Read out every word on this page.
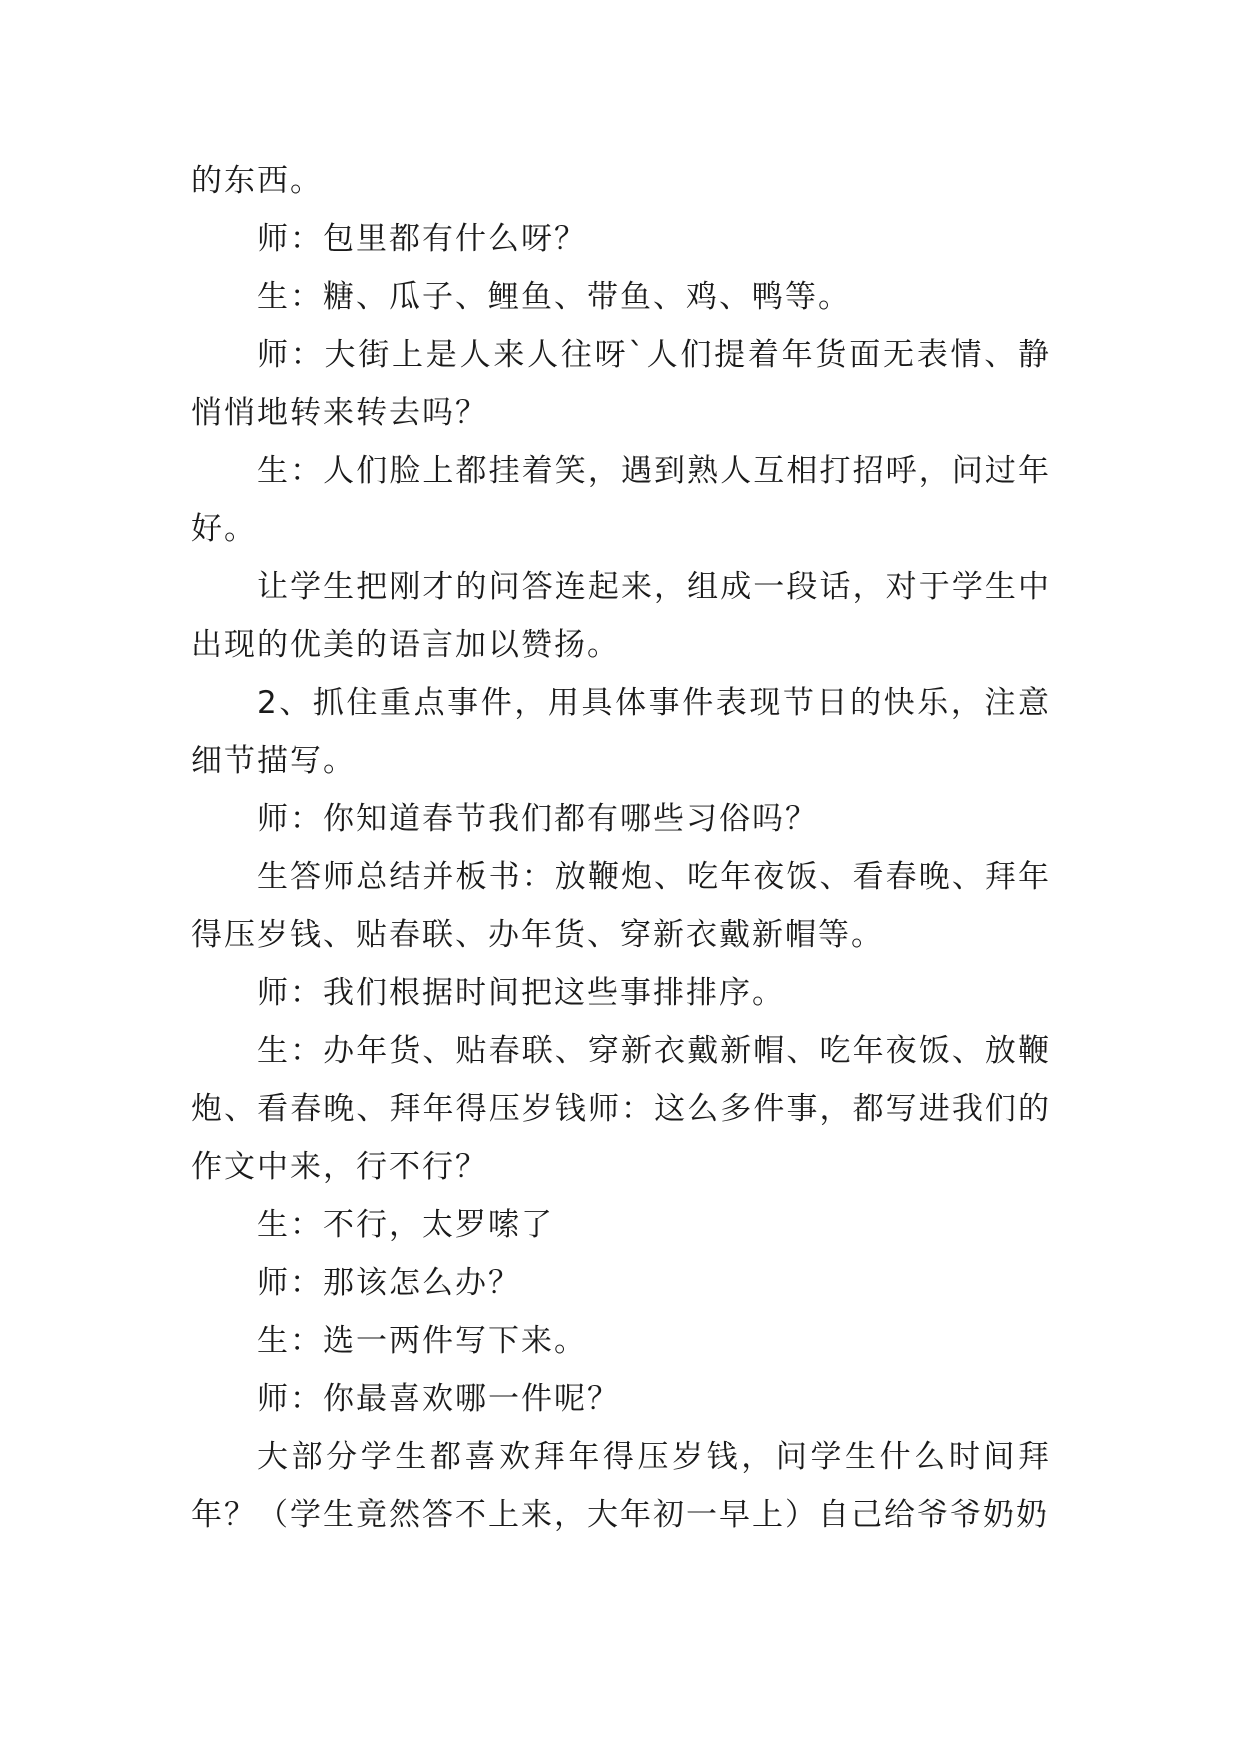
的东西。

师：包里都有什么呀？

生：糖、瓜子、鲤鱼、带鱼、鸡、鸭等。

师：大街上是人来人往呀`人们提着年货面无表情、静悄悄地转来转去吗？

生：人们脸上都挂着笑，遇到熟人互相打招呼，问过年好。

让学生把刚才的问答连起来，组成一段话，对于学生中出现的优美的语言加以赞扬。

2、抓住重点事件，用具体事件表现节日的快乐，注意细节描写。

师：你知道春节我们都有哪些习俗吗？

生答师总结并板书：放鞭炮、吃年夜饭、看春晚、拜年得压岁钱、贴春联、办年货、穿新衣戴新帽等。

师：我们根据时间把这些事排排序。

生：办年货、贴春联、穿新衣戴新帽、吃年夜饭、放鞭炮、看春晚、拜年得压岁钱师：这么多件事，都写进我们的作文中来，行不行？

生：不行，太罗嗦了

师：那该怎么办？

生：选一两件写下来。

师：你最喜欢哪一件呢？

大部分学生都喜欢拜年得压岁钱，问学生什么时间拜年？（学生竟然答不上来，大年初一早上）自己给爷爷奶奶
